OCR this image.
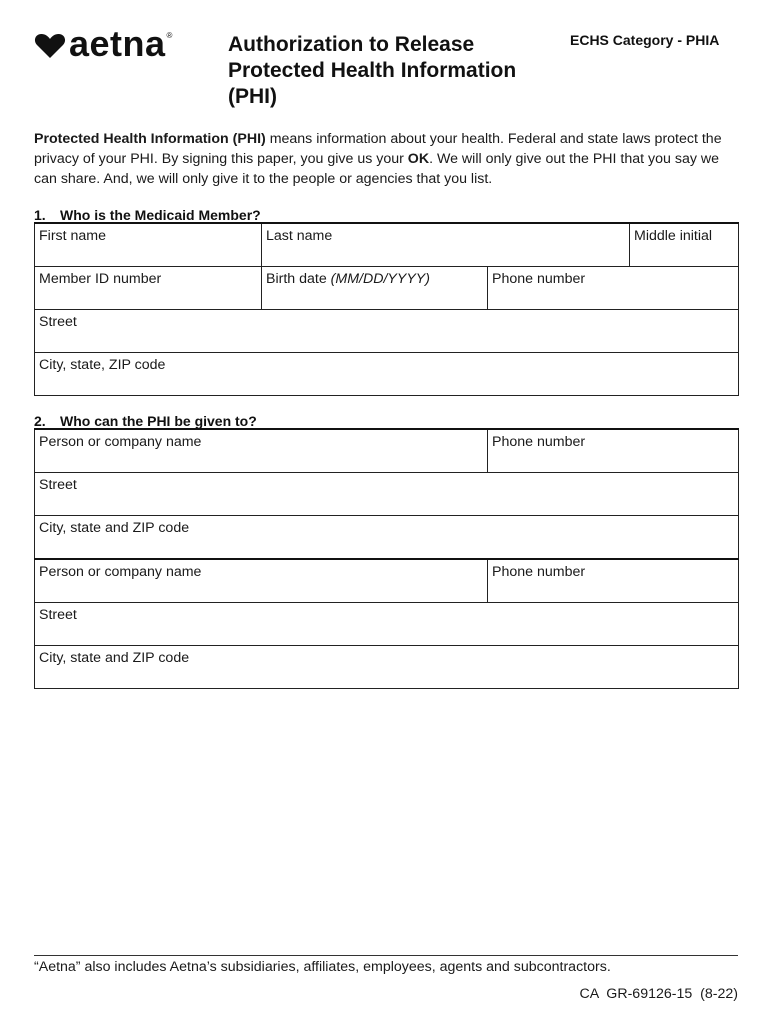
aetna ®	Authorization to Release
Protected Health Information
(PHI)
ECHS Category - PHIA
Protected Health Information (PHI) means information about your health. Federal and state laws protect the privacy of your PHI. By signing this paper, you give us your OK. We will only give out the PHI that you say we can share. And, we will only give it to the people or agencies that you list.
1. Who is the Medicaid Member?
First name	Last name		Middle initial
Member ID number	Birth date (MM/DD/YYYY)	Phone number	
Street			
City, state, ZIP code			
2. Who can the PHI be given to?
Person or company name	Phone number
Street	
City, state and ZIP code	
Person or company name	Phone number
Street	
City, state and ZIP code	
“Aetna” also includes Aetna’s subsidiaries, affiliates, employees, agents and subcontractors.
CA  GR-69126-15  (8-22)
